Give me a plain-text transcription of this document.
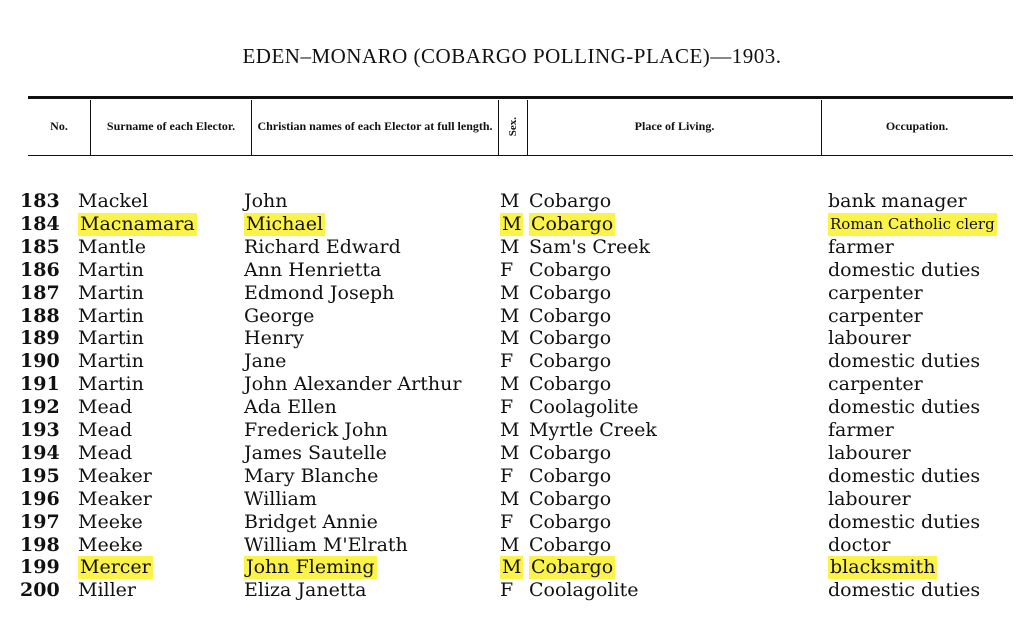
EDEN–MONARO (COBARGO POLLING-PLACE)—1903.
No.	Surname of each Elector.	Christian names of each Elector at full length.	Sex.	Place of Living.	Occupation.
183 Mackel	John	M Cobargo	bank manager
184 Macnamara	Michael	M Cobargo	Roman Catholic clerg
185 Mantle	Richard Edward	M Sam's Creek	farmer
186 Martin	Ann Henrietta	F Cobargo	domestic duties
187 Martin	Edmond Joseph	M Cobargo	carpenter
188 Martin	George	M Cobargo	carpenter
189 Martin	Henry	M Cobargo	labourer
190 Martin	Jane	F Cobargo	domestic duties
191 Martin	John Alexander Arthur M Cobargo	carpenter
192 Mead	Ada Ellen	F Coolagolite	domestic duties
193 Mead	Frederick John	M Myrtle Creek	farmer
194 Mead	James Sautelle	M Cobargo	labourer
195 Meaker	Mary Blanche	F Cobargo	domestic duties
196 Meaker	William	M Cobargo	labourer
197 Meeke	Bridget Annie	F Cobargo	domestic duties
198 Meeke	William M'Elrath	M Cobargo	doctor
199 Mercer	John Fleming	M Cobargo	blacksmith
200 Miller	Eliza Janetta	F Coolagolite	domestic duties
